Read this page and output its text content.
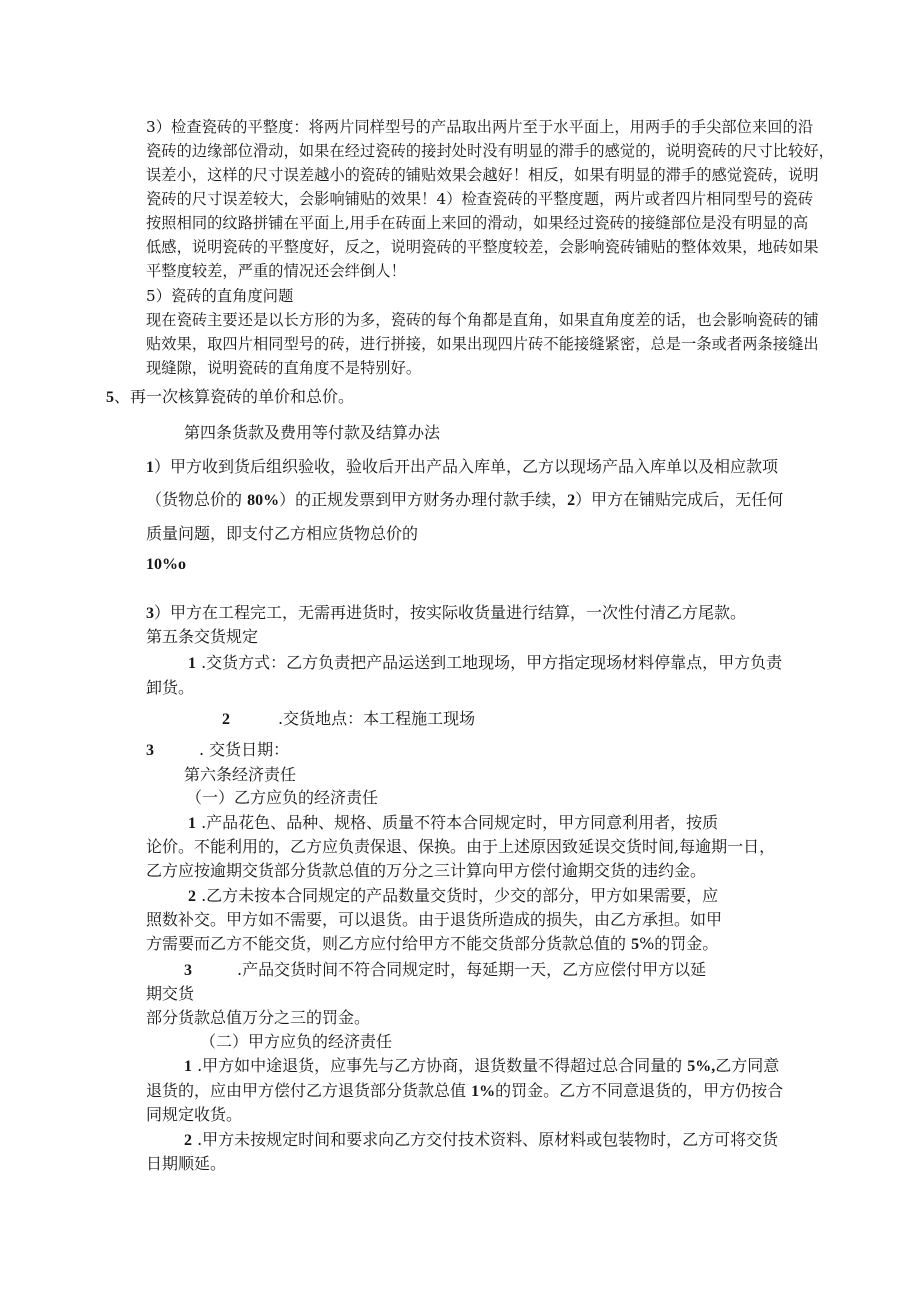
3）检查瓷砖的平整度：将两片同样型号的产品取出两片至于水平面上，用两手的手尖部位来回的沿
瓷砖的边缘部位滑动，如果在经过瓷砖的接封处时没有明显的滞手的感觉的，说明瓷砖的尺寸比较好，
误差小，这样的尺寸误差越小的瓷砖的铺贴效果会越好！相反，如果有明显的滞手的感觉瓷砖，说明
瓷砖的尺寸误差较大，会影响铺贴的效果！4）检查瓷砖的平整度题，两片或者四片相同型号的瓷砖
按照相同的纹路拼铺在平面上,用手在砖面上来回的滑动，如果经过瓷砖的接缝部位是没有明显的高
低感，说明瓷砖的平整度好，反之，说明瓷砖的平整度较差，会影响瓷砖铺贴的整体效果，地砖如果
平整度较差，严重的情况还会绊倒人！
5）瓷砖的直角度问题
现在瓷砖主要还是以长方形的为多，瓷砖的每个角都是直角，如果直角度差的话，也会影响瓷砖的铺
贴效果，取四片相同型号的砖，进行拼接，如果出现四片砖不能接缝紧密，总是一条或者两条接缝出
现缝隙，说明瓷砖的直角度不是特别好。
5、再一次核算瓷砖的单价和总价。
第四条货款及费用等付款及结算办法
1）甲方收到货后组织验收，验收后开出产品入库单，乙方以现场产品入库单以及相应款项
（货物总价的 80%）的正规发票到甲方财务办理付款手续，2）甲方在铺贴完成后，无任何
质量问题，即支付乙方相应货物总价的
10%o
3）甲方在工程完工，无需再进货时，按实际收货量进行结算，一次性付清乙方尾款。
第五条交货规定
1 .交货方式：乙方负责把产品运送到工地现场，甲方指定现场材料停靠点，甲方负责
卸货。
2	.交货地点：本工程施工现场
3	. 交货日期：
第六条经济责任
（一）乙方应负的经济责任
1 .产品花色、品种、规格、质量不符本合同规定时，甲方同意利用者，按质
论价。不能利用的，乙方应负责保退、保换。由于上述原因致延误交货时间,每逾期一日，
乙方应按逾期交货部分货款总值的万分之三计算向甲方偿付逾期交货的违约金。
2 .乙方未按本合同规定的产品数量交货时，少交的部分，甲方如果需要，应
照数补交。甲方如不需要，可以退货。由于退货所造成的损失，由乙方承担。如甲
方需要而乙方不能交货，则乙方应付给甲方不能交货部分货款总值的 5%的罚金。
3	.产品交货时间不符合同规定时，每延期一天，乙方应偿付甲方以延
期交货
部分货款总值万分之三的罚金。
（二）甲方应负的经济责任
1 .甲方如中途退货，应事先与乙方协商，退货数量不得超过总合同量的 5%,乙方同意
退货的，应由甲方偿付乙方退货部分货款总值 1%的罚金。乙方不同意退货的，甲方仍按合
同规定收货。
2 .甲方未按规定时间和要求向乙方交付技术资料、原材料或包装物时，乙方可将交货
日期顺延。
